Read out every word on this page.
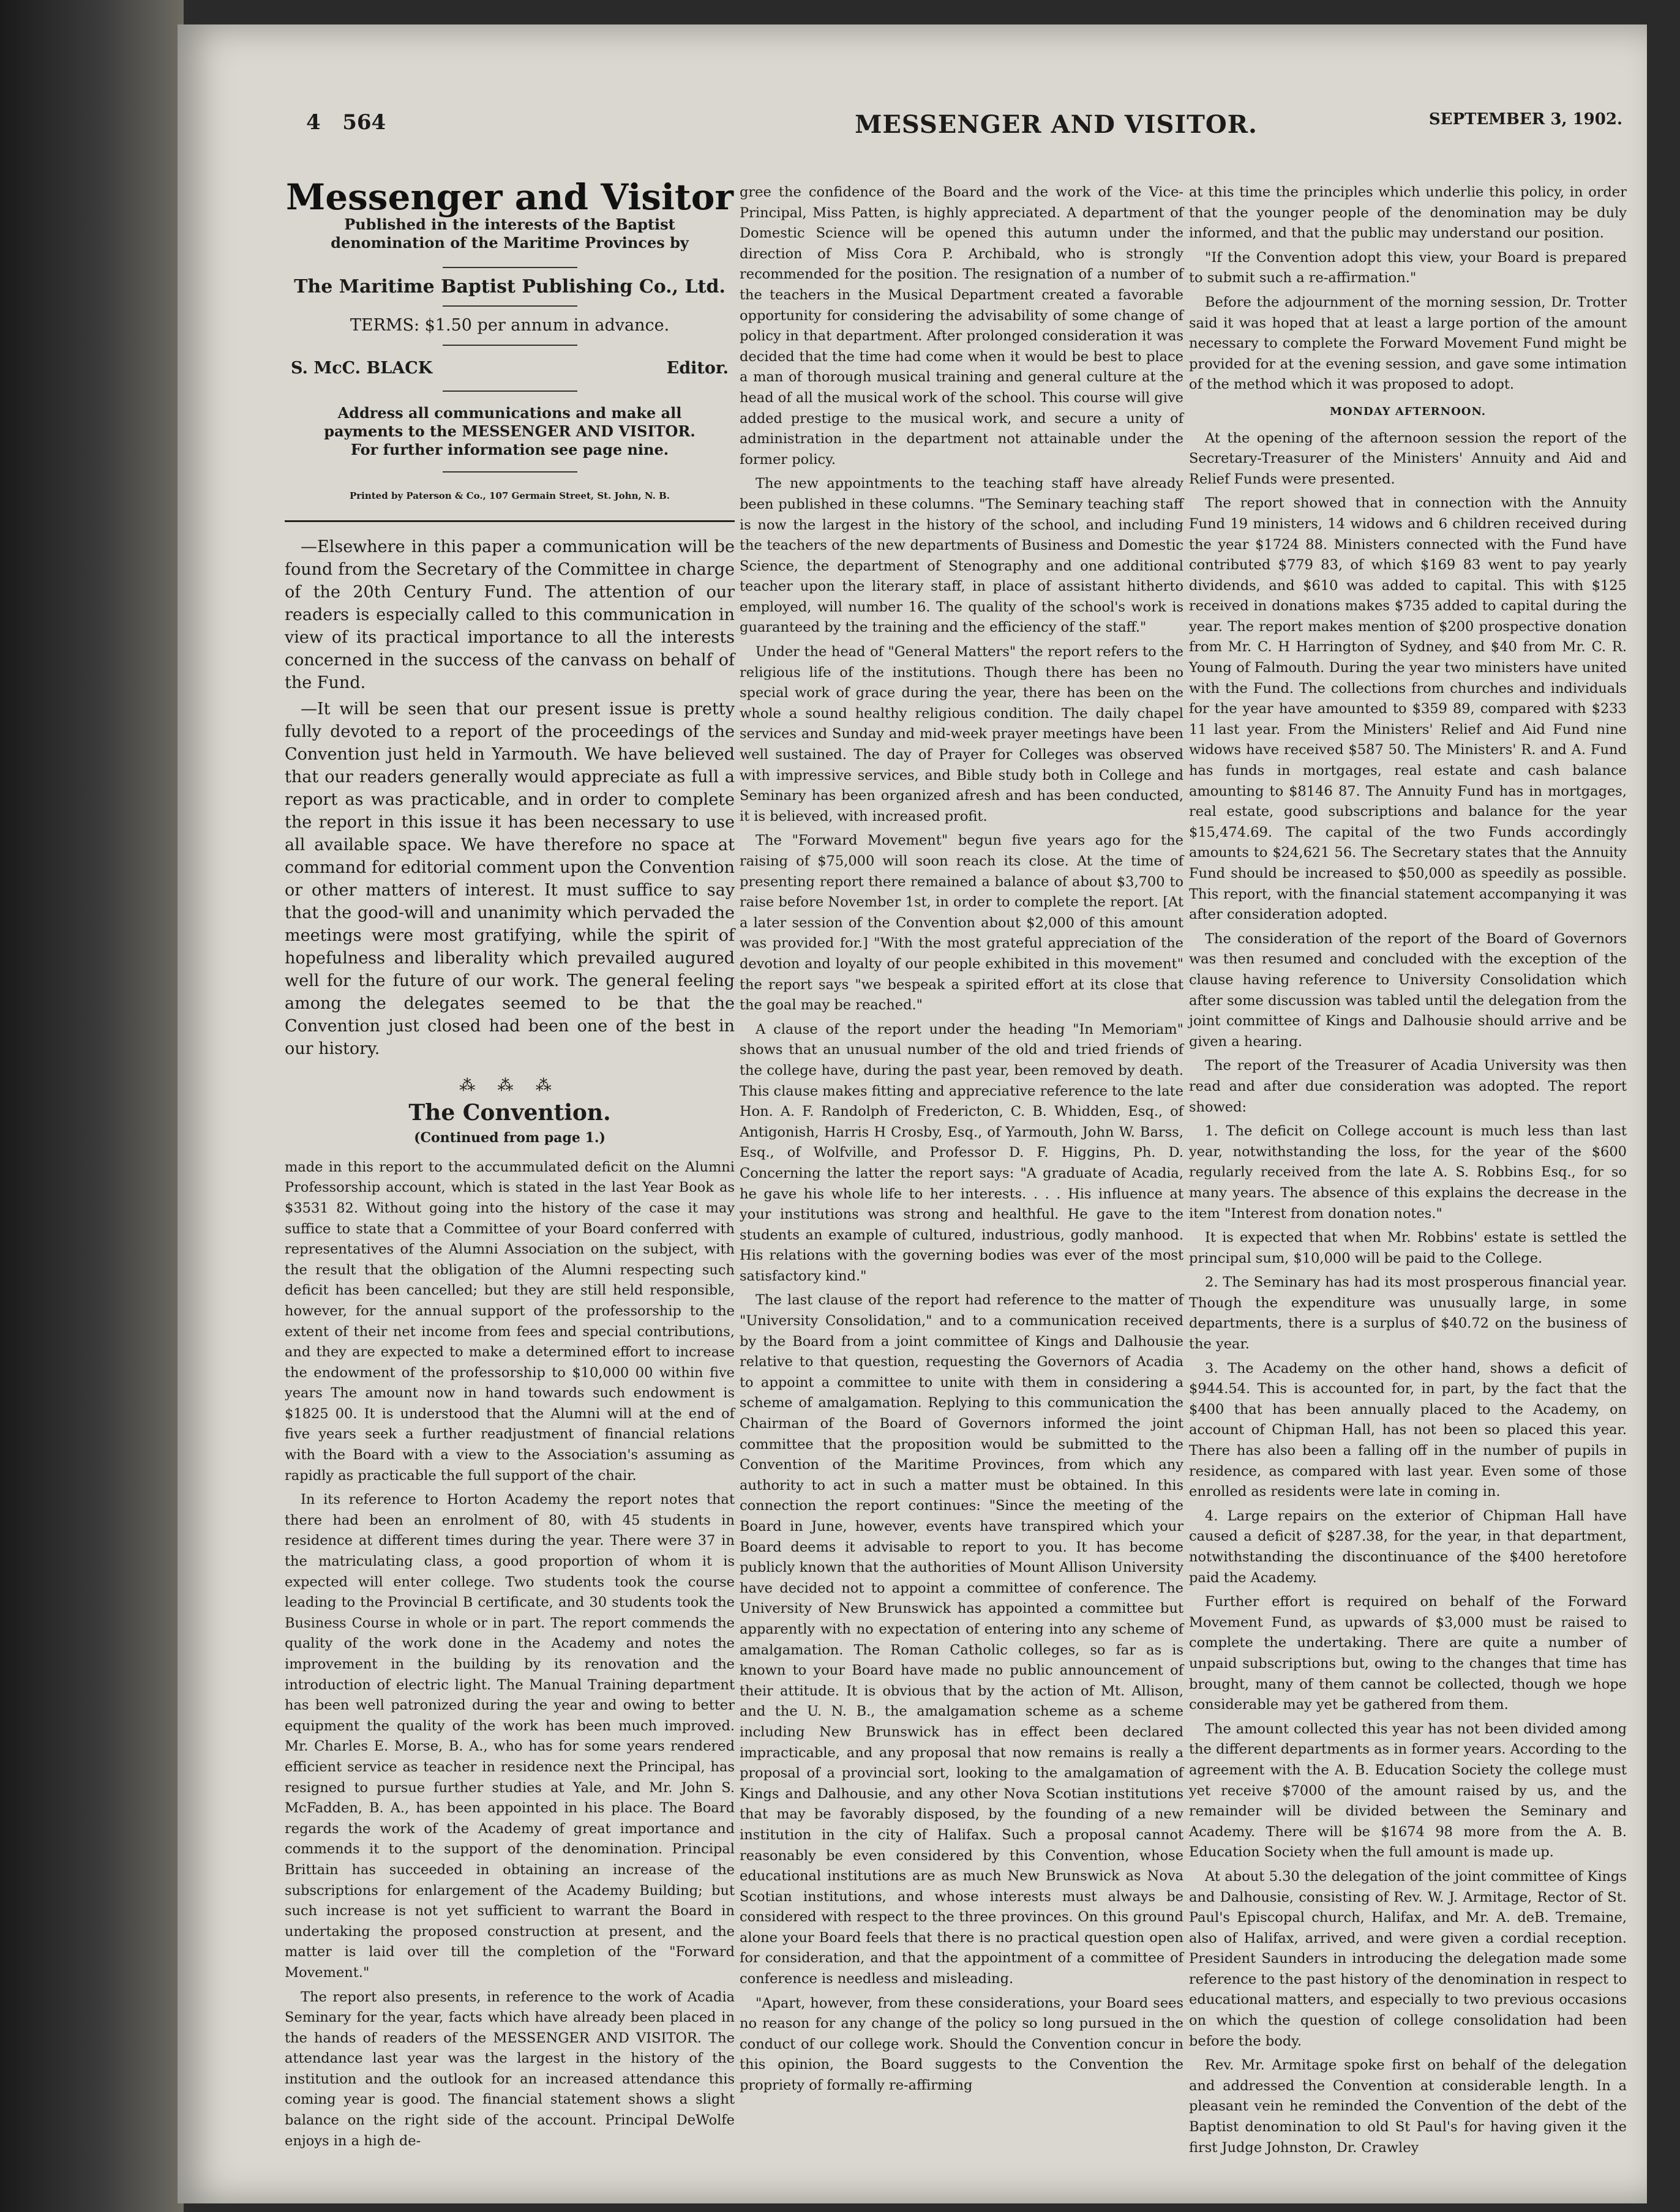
4 564	MESSENGER AND VISITOR.	SEPTEMBER 3, 1902.
Messenger and Visitor
Published in the interests of the Baptist denomination of the Maritime Provinces by
The Maritime Baptist Publishing Co., Ltd.
TERMS: $1.50 per annum in advance.
S. McC. BLACK	Editor.
Address all communications and make all payments to the MESSENGER AND VISITOR.
For further information see page nine.
Printed by Paterson & Co., 107 Germain Street, St. John, N. B.

—Elsewhere in this paper a communication will be found from the Secretary of the Committee in charge of the 20th Century Fund. The attention of our readers is especially called to this communication in view of its practical importance to all the interests concerned in the success of the canvass on behalf of the Fund.

—It will be seen that our present issue is pretty fully devoted to a report of the proceedings of the Convention just held in Yarmouth. We have believed that our readers generally would appreciate as full a report as was practicable, and in order to complete the report in this issue it has been necessary to use all available space. We have therefore no space at command for editorial comment upon the Convention or other matters of interest. It must suffice to say that the good-will and unanimity which pervaded the meetings were most gratifying, while the spirit of hopefulness and liberality which prevailed augured well for the future of our work. The general feeling among the delegates seemed to be that the Convention just closed had been one of the best in our history.

⁂ ⁂ ⁂
The Convention.
(Continued from page 1.)

made in this report to the accummulated deficit on the Alumni Professorship account, which is stated in the last Year Book as $3531 82. Without going into the history of the case it may suffice to state that a Committee of your Board conferred with representatives of the Alumni Association on the subject, with the result that the obligation of the Alumni respecting such deficit has been cancelled; but they are still held responsible, however, for the annual support of the professorship to the extent of their net income from fees and special contributions, and they are expected to make a determined effort to increase the endowment of the professorship to $10,000 00 within five years The amount now in hand towards such endowment is $1825 00. It is understood that the Alumni will at the end of five years seek a further readjustment of financial relations with the Board with a view to the Association's assuming as rapidly as practicable the full support of the chair.

In its reference to Horton Academy the report notes that there had been an enrolment of 80, with 45 students in residence at different times during the year. There were 37 in the matriculating class, a good proportion of whom it is expected will enter college. Two students took the course leading to the Provincial B certificate, and 30 students took the Business Course in whole or in part. The report commends the quality of the work done in the Academy and notes the improvement in the building by its renovation and the introduction of electric light. The Manual Training department has been well patronized during the year and owing to better equipment the quality of the work has been much improved. Mr. Charles E. Morse, B. A., who has for some years rendered efficient service as teacher in residence next the Principal, has resigned to pursue further studies at Yale, and Mr. John S. McFadden, B. A., has been appointed in his place. The Board regards the work of the Academy of great importance and commends it to the support of the denomination. Principal Brittain has succeeded in obtaining an increase of the subscriptions for enlargement of the Academy Building; but such increase is not yet sufficient to warrant the Board in undertaking the proposed construction at present, and the matter is laid over till the completion of the "Forward Movement."

The report also presents, in reference to the work of Acadia Seminary for the year, facts which have already been placed in the hands of readers of the MESSENGER AND VISITOR. The attendance last year was the largest in the history of the institution and the outlook for an increased attendance this coming year is good. The financial statement shows a slight balance on the right side of the account. Principal DeWolfe enjoys in a high de-

gree the confidence of the Board and the work of the Vice-Principal, Miss Patten, is highly appreciated. A department of Domestic Science will be opened this autumn under the direction of Miss Cora P. Archibald, who is strongly recommended for the position. The resignation of a number of the teachers in the Musical Department created a favorable opportunity for considering the advisability of some change of policy in that department. After prolonged consideration it was decided that the time had come when it would be best to place a man of thorough musical training and general culture at the head of all the musical work of the school. This course will give added prestige to the musical work, and secure a unity of administration in the department not attainable under the former policy.

The new appointments to the teaching staff have already been published in these columns. "The Seminary teaching staff is now the largest in the history of the school, and including the teachers of the new departments of Business and Domestic Science, the department of Stenography and one additional teacher upon the literary staff, in place of assistant hitherto employed, will number 16. The quality of the school's work is guaranteed by the training and the efficiency of the staff."

Under the head of "General Matters" the report refers to the religious life of the institutions. Though there has been no special work of grace during the year, there has been on the whole a sound healthy religious condition. The daily chapel services and Sunday and mid-week prayer meetings have been well sustained. The day of Prayer for Colleges was observed with impressive services, and Bible study both in College and Seminary has been organized afresh and has been conducted, it is believed, with increased profit.

The "Forward Movement" begun five years ago for the raising of $75,000 will soon reach its close. At the time of presenting report there remained a balance of about $3,700 to raise before November 1st, in order to complete the report. [At a later session of the Convention about $2,000 of this amount was provided for.] "With the most grateful appreciation of the devotion and loyalty of our people exhibited in this movement" the report says "we bespeak a spirited effort at its close that the goal may be reached."

A clause of the report under the heading "In Memoriam" shows that an unusual number of the old and tried friends of the college have, during the past year, been removed by death. This clause makes fitting and appreciative reference to the late Hon. A. F. Randolph of Fredericton, C. B. Whidden, Esq., of Antigonish, Harris H Crosby, Esq., of Yarmouth, John W. Barss, Esq., of Wolfville, and Professor D. F. Higgins, Ph. D. Concerning the latter the report says: "A graduate of Acadia, he gave his whole life to her interests. . . . His influence at your institutions was strong and healthful. He gave to the students an example of cultured, industrious, godly manhood. His relations with the governing bodies was ever of the most satisfactory kind."

The last clause of the report had reference to the matter of "University Consolidation," and to a communication received by the Board from a joint committee of Kings and Dalhousie relative to that question, requesting the Governors of Acadia to appoint a committee to unite with them in considering a scheme of amalgamation. Replying to this communication the Chairman of the Board of Governors informed the joint committee that the proposition would be submitted to the Convention of the Maritime Provinces, from which any authority to act in such a matter must be obtained. In this connection the report continues: "Since the meeting of the Board in June, however, events have transpired which your Board deems it advisable to report to you. It has become publicly known that the authorities of Mount Allison University have decided not to appoint a committee of conference. The University of New Brunswick has appointed a committee but apparently with no expectation of entering into any scheme of amalgamation. The Roman Catholic colleges, so far as is known to your Board have made no public announcement of their attitude. It is obvious that by the action of Mt. Allison, and the U. N. B., the amalgamation scheme as a scheme including New Brunswick has in effect been declared impracticable, and any proposal that now remains is really a proposal of a provincial sort, looking to the amalgamation of Kings and Dalhousie, and any other Nova Scotian institutions that may be favorably disposed, by the founding of a new institution in the city of Halifax. Such a proposal cannot reasonably be even considered by this Convention, whose educational institutions are as much New Brunswick as Nova Scotian institutions, and whose interests must always be considered with respect to the three provinces. On this ground alone your Board feels that there is no practical question open for consideration, and that the appointment of a committee of conference is needless and misleading.

"Apart, however, from these considerations, your Board sees no reason for any change of the policy so long pursued in the conduct of our college work. Should the Convention concur in this opinion, the Board suggests to the Convention the propriety of formally re-affirming

at this time the principles which underlie this policy, in order that the younger people of the denomination may be duly informed, and that the public may understand our position.

"If the Convention adopt this view, your Board is prepared to submit such a re-affirmation."

Before the adjournment of the morning session, Dr. Trotter said it was hoped that at least a large portion of the amount necessary to complete the Forward Movement Fund might be provided for at the evening session, and gave some intimation of the method which it was proposed to adopt.

MONDAY AFTERNOON.

At the opening of the afternoon session the report of the Secretary-Treasurer of the Ministers' Annuity and Aid and Relief Funds were presented.

The report showed that in connection with the Annuity Fund 19 ministers, 14 widows and 6 children received during the year $1724 88. Ministers connected with the Fund have contributed $779 83, of which $169 83 went to pay yearly dividends, and $610 was added to capital. This with $125 received in donations makes $735 added to capital during the year. The report makes mention of $200 prospective donation from Mr. C. H Harrington of Sydney, and $40 from Mr. C. R. Young of Falmouth. During the year two ministers have united with the Fund. The collections from churches and individuals for the year have amounted to $359 89, compared with $233 11 last year. From the Ministers' Relief and Aid Fund nine widows have received $587 50. The Ministers' R. and A. Fund has funds in mortgages, real estate and cash balance amounting to $8146 87. The Annuity Fund has in mortgages, real estate, good subscriptions and balance for the year $15,474.69. The capital of the two Funds accordingly amounts to $24,621 56. The Secretary states that the Annuity Fund should be increased to $50,000 as speedily as possible. This report, with the financial statement accompanying it was after consideration adopted.

The consideration of the report of the Board of Governors was then resumed and concluded with the exception of the clause having reference to University Consolidation which after some discussion was tabled until the delegation from the joint committee of Kings and Dalhousie should arrive and be given a hearing.

The report of the Treasurer of Acadia University was then read and after due consideration was adopted. The report showed:

1. The deficit on College account is much less than last year, notwithstanding the loss, for the year of the $600 regularly received from the late A. S. Robbins Esq., for so many years. The absence of this explains the decrease in the item "Interest from donation notes."

It is expected that when Mr. Robbins' estate is settled the principal sum, $10,000 will be paid to the College.

2. The Seminary has had its most prosperous financial year. Though the expenditure was unusually large, in some departments, there is a surplus of $40.72 on the business of the year.

3. The Academy on the other hand, shows a deficit of $944.54. This is accounted for, in part, by the fact that the $400 that has been annually placed to the Academy, on account of Chipman Hall, has not been so placed this year. There has also been a falling off in the number of pupils in residence, as compared with last year. Even some of those enrolled as residents were late in coming in.

4. Large repairs on the exterior of Chipman Hall have caused a deficit of $287.38, for the year, in that department, notwithstanding the discontinuance of the $400 heretofore paid the Academy.

Further effort is required on behalf of the Forward Movement Fund, as upwards of $3,000 must be raised to complete the undertaking. There are quite a number of unpaid subscriptions but, owing to the changes that time has brought, many of them cannot be collected, though we hope considerable may yet be gathered from them.

The amount collected this year has not been divided among the different departments as in former years. According to the agreement with the A. B. Education Society the college must yet receive $7000 of the amount raised by us, and the remainder will be divided between the Seminary and Academy. There will be $1674 98 more from the A. B. Education Society when the full amount is made up.

At about 5.30 the delegation of the joint committee of Kings and Dalhousie, consisting of Rev. W. J. Armitage, Rector of St. Paul's Episcopal church, Halifax, and Mr. A. deB. Tremaine, also of Halifax, arrived, and were given a cordial reception. President Saunders in introducing the delegation made some reference to the past history of the denomination in respect to educational matters, and especially to two previous occasions on which the question of college consolidation had been before the body.

Rev. Mr. Armitage spoke first on behalf of the delegation and addressed the Convention at considerable length. In a pleasant vein he reminded the Convention of the debt of the Baptist denomination to old St Paul's for having given it the first Judge Johnston, Dr. Crawley
